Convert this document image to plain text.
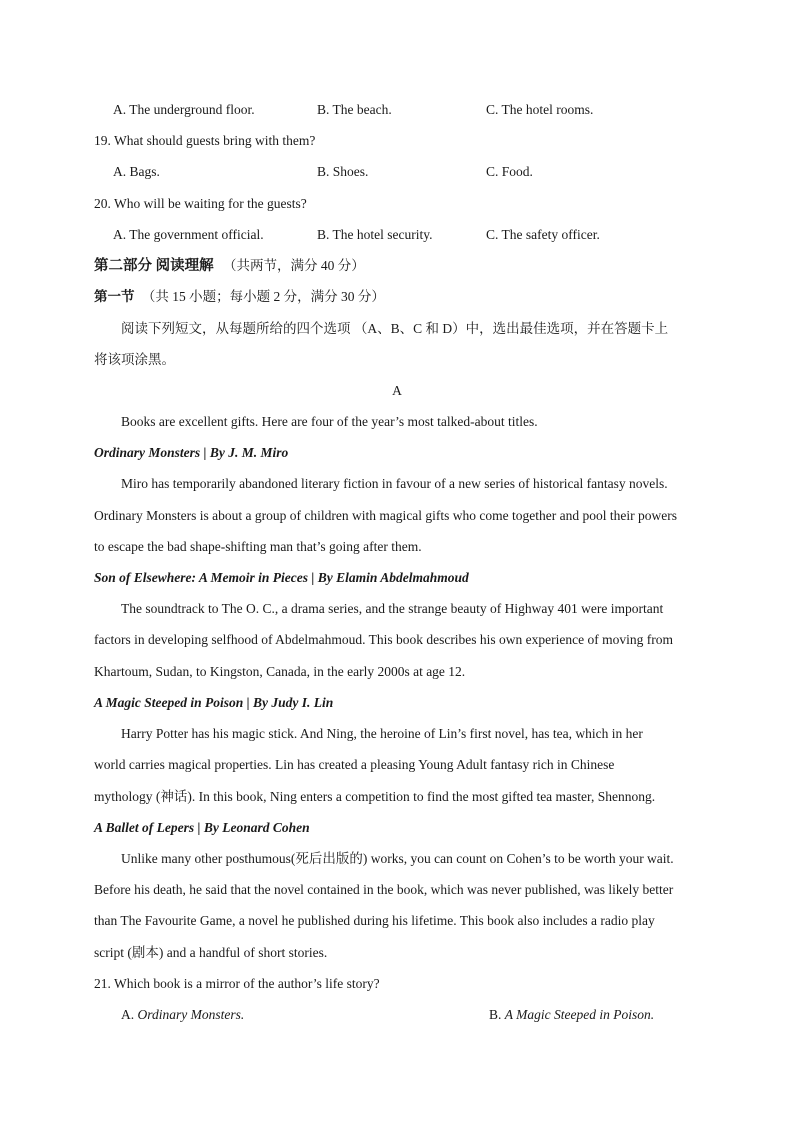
A. The underground floor.	B. The beach.	C. The hotel rooms.
19. What should guests bring with them?
A. Bags.	B. Shoes.	C. Food.
20. Who will be waiting for the guests?
A. The government official.	B. The hotel security.	C. The safety officer.
第二部分 阅读理解 （共两节，满分 40 分）
第一节 （共 15 小题；每小题 2 分，满分 30 分）
阅读下列短文，从每题所给的四个选项 （A、B、C 和 D）中，选出最佳选项，并在答题卡上
将该项涂黑。
A
Books are excellent gifts. Here are four of the year’s most talked-about titles.
Ordinary Monsters | By J. M. Miro
Miro has temporarily abandoned literary fiction in favour of a new series of historical fantasy novels.
Ordinary Monsters is about a group of children with magical gifts who come together and pool their powers
to escape the bad shape-shifting man that’s going after them.
Son of Elsewhere: A Memoir in Pieces | By Elamin Abdelmahmoud
The soundtrack to The O. C., a drama series, and the strange beauty of Highway 401 were important
factors in developing selfhood of Abdelmahmoud. This book describes his own experience of moving from
Khartoum, Sudan, to Kingston, Canada, in the early 2000s at age 12.
A Magic Steeped in Poison | By Judy I. Lin
Harry Potter has his magic stick. And Ning, the heroine of Lin’s first novel, has tea, which in her
world carries magical properties. Lin has created a pleasing Young Adult fantasy rich in Chinese
mythology (神话). In this book, Ning enters a competition to find the most gifted tea master, Shennong.
A Ballet of Lepers | By Leonard Cohen
Unlike many other posthumous(死后出版的) works, you can count on Cohen’s to be worth your wait.
Before his death, he said that the novel contained in the book, which was never published, was likely better
than The Favourite Game, a novel he published during his lifetime. This book also includes a radio play
script (剧本) and a handful of short stories.
21. Which book is a mirror of the author’s life story?
A. Ordinary Monsters.	B. A Magic Steeped in Poison.
